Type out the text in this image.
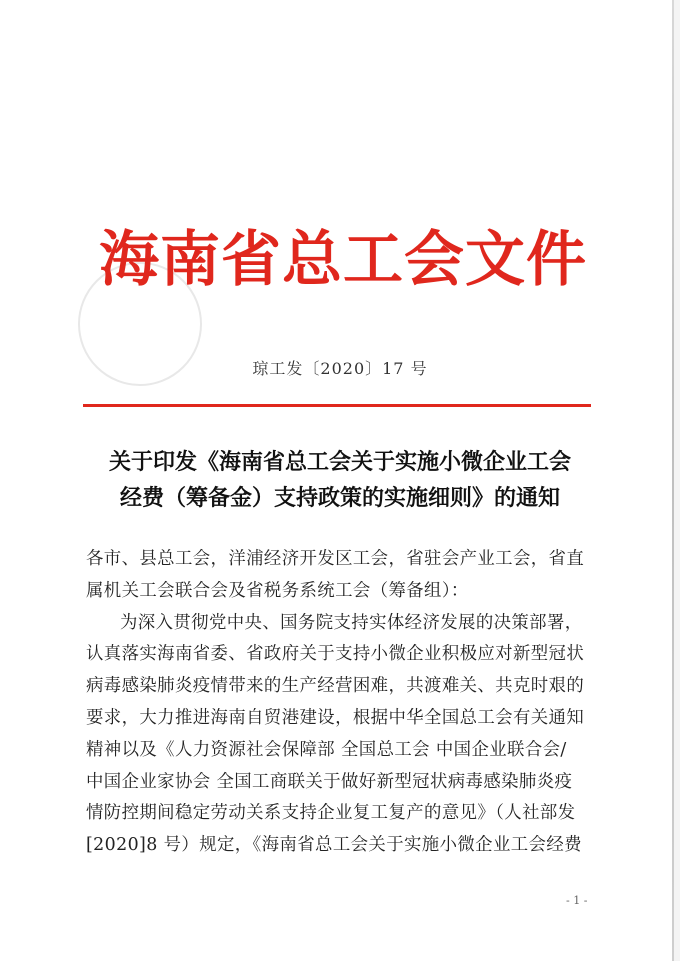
海南省总工会文件
琼工发〔2020〕17 号
关于印发《海南省总工会关于实施小微企业工会
经费（筹备金）支持政策的实施细则》的通知
各市、县总工会，洋浦经济开发区工会，省驻会产业工会，省直
属机关工会联合会及省税务系统工会（筹备组）：
为深入贯彻党中央、国务院支持实体经济发展的决策部署，
认真落实海南省委、省政府关于支持小微企业积极应对新型冠状
病毒感染肺炎疫情带来的生产经营困难，共渡难关、共克时艰的
要求，大力推进海南自贸港建设，根据中华全国总工会有关通知
精神以及《人力资源社会保障部 全国总工会 中国企业联合会/
中国企业家协会 全国工商联关于做好新型冠状病毒感染肺炎疫
情防控期间稳定劳动关系支持企业复工复产的意见》（人社部发
[2020]8 号）规定，《海南省总工会关于实施小微企业工会经费
- 1 -
